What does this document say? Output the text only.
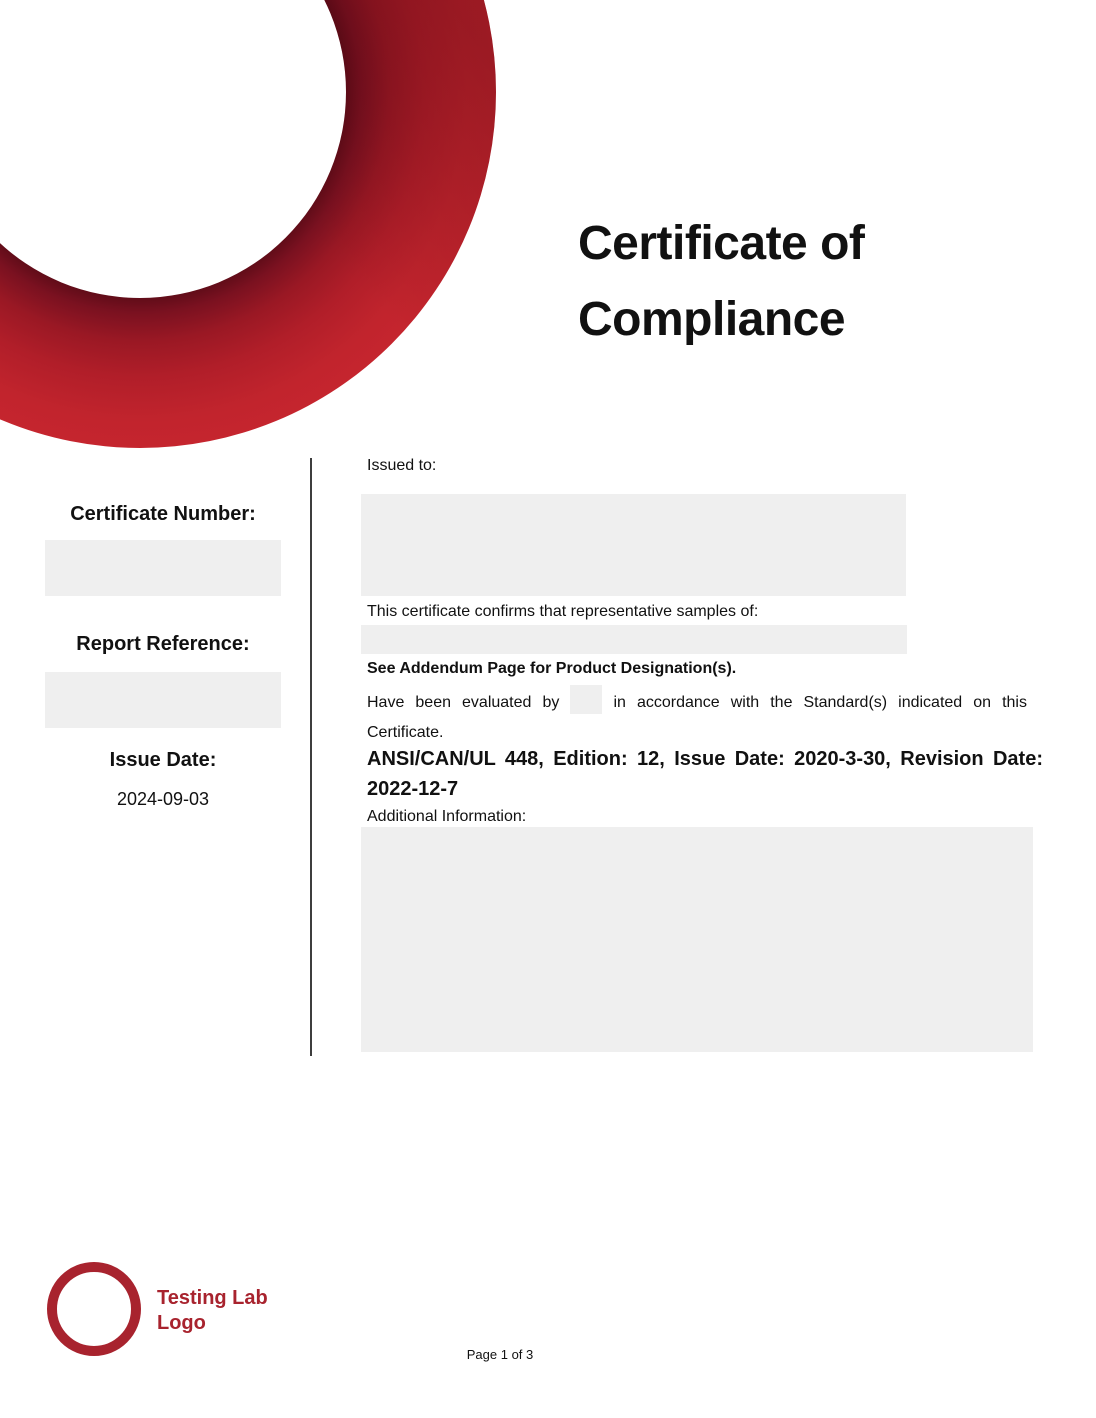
Certificate of
Compliance
Certificate Number:
Report Reference:
Issue Date:
2024-09-03
Issued to:
This certificate confirms that representative samples of:
See Addendum Page for Product Designation(s).

Have been evaluated by	in accordance with the Standard(s) indicated on this Certificate.

ANSI/CAN/UL 448, Edition: 12, Issue Date: 2020-3-30, Revision Date: 2022-12-7
Additional Information:
Testing Lab
Logo
Page 1 of 3
